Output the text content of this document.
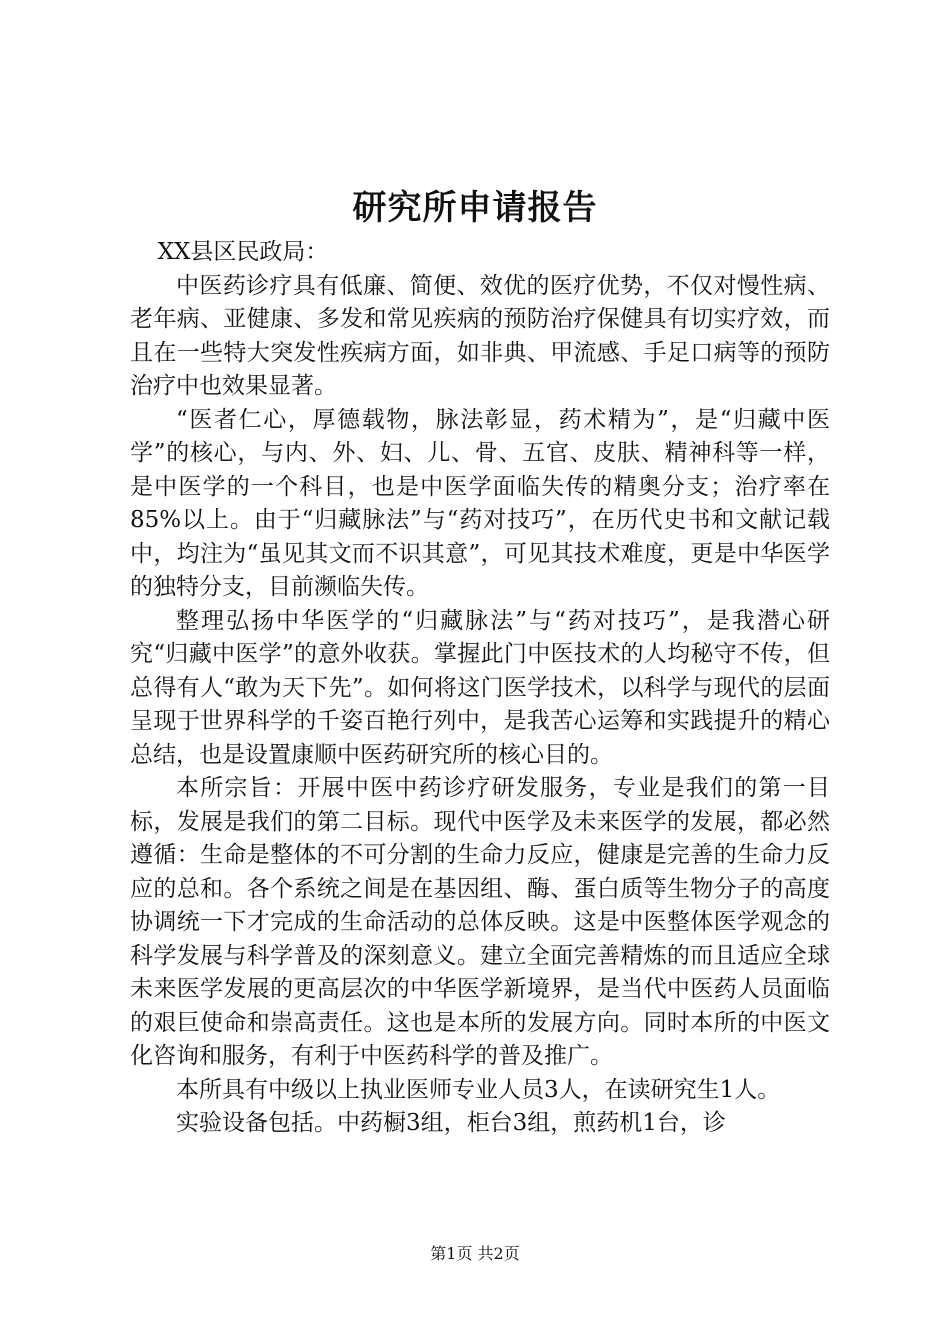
研究所申请报告

XX县区民政局：

中医药诊疗具有低廉、简便、效优的医疗优势，不仅对慢性病、老年病、亚健康、多发和常见疾病的预防治疗保健具有切实疗效，而且在一些特大突发性疾病方面，如非典、甲流感、手足口病等的预防治疗中也效果显著。

“医者仁心，厚德载物，脉法彰显，药术精为”，是“归藏中医学”的核心，与内、外、妇、儿、骨、五官、皮肤、精神科等一样，是中医学的一个科目，也是中医学面临失传的精奥分支；治疗率在85%以上。由于“归藏脉法”与“药对技巧”，在历代史书和文献记载中，均注为“虽见其文而不识其意”，可见其技术难度，更是中华医学的独特分支，目前濒临失传。

整理弘扬中华医学的“归藏脉法”与“药对技巧”，是我潜心研究“归藏中医学”的意外收获。掌握此门中医技术的人均秘守不传，但总得有人“敢为天下先”。如何将这门医学技术，以科学与现代的层面呈现于世界科学的千姿百艳行列中，是我苦心运筹和实践提升的精心总结，也是设置康顺中医药研究所的核心目的。

本所宗旨：开展中医中药诊疗研发服务，专业是我们的第一目标，发展是我们的第二目标。现代中医学及未来医学的发展，都必然遵循：生命是整体的不可分割的生命力反应，健康是完善的生命力反应的总和。各个系统之间是在基因组、酶、蛋白质等生物分子的高度协调统一下才完成的生命活动的总体反映。这是中医整体医学观念的科学发展与科学普及的深刻意义。建立全面完善精炼的而且适应全球未来医学发展的更高层次的中华医学新境界，是当代中医药人员面临的艰巨使命和崇高责任。这也是本所的发展方向。同时本所的中医文化咨询和服务，有利于中医药科学的普及推广。

本所具有中级以上执业医师专业人员3人，在读研究生1人。

实验设备包括。中药橱3组，柜台3组，煎药机1台，诊

第1页 共2页
